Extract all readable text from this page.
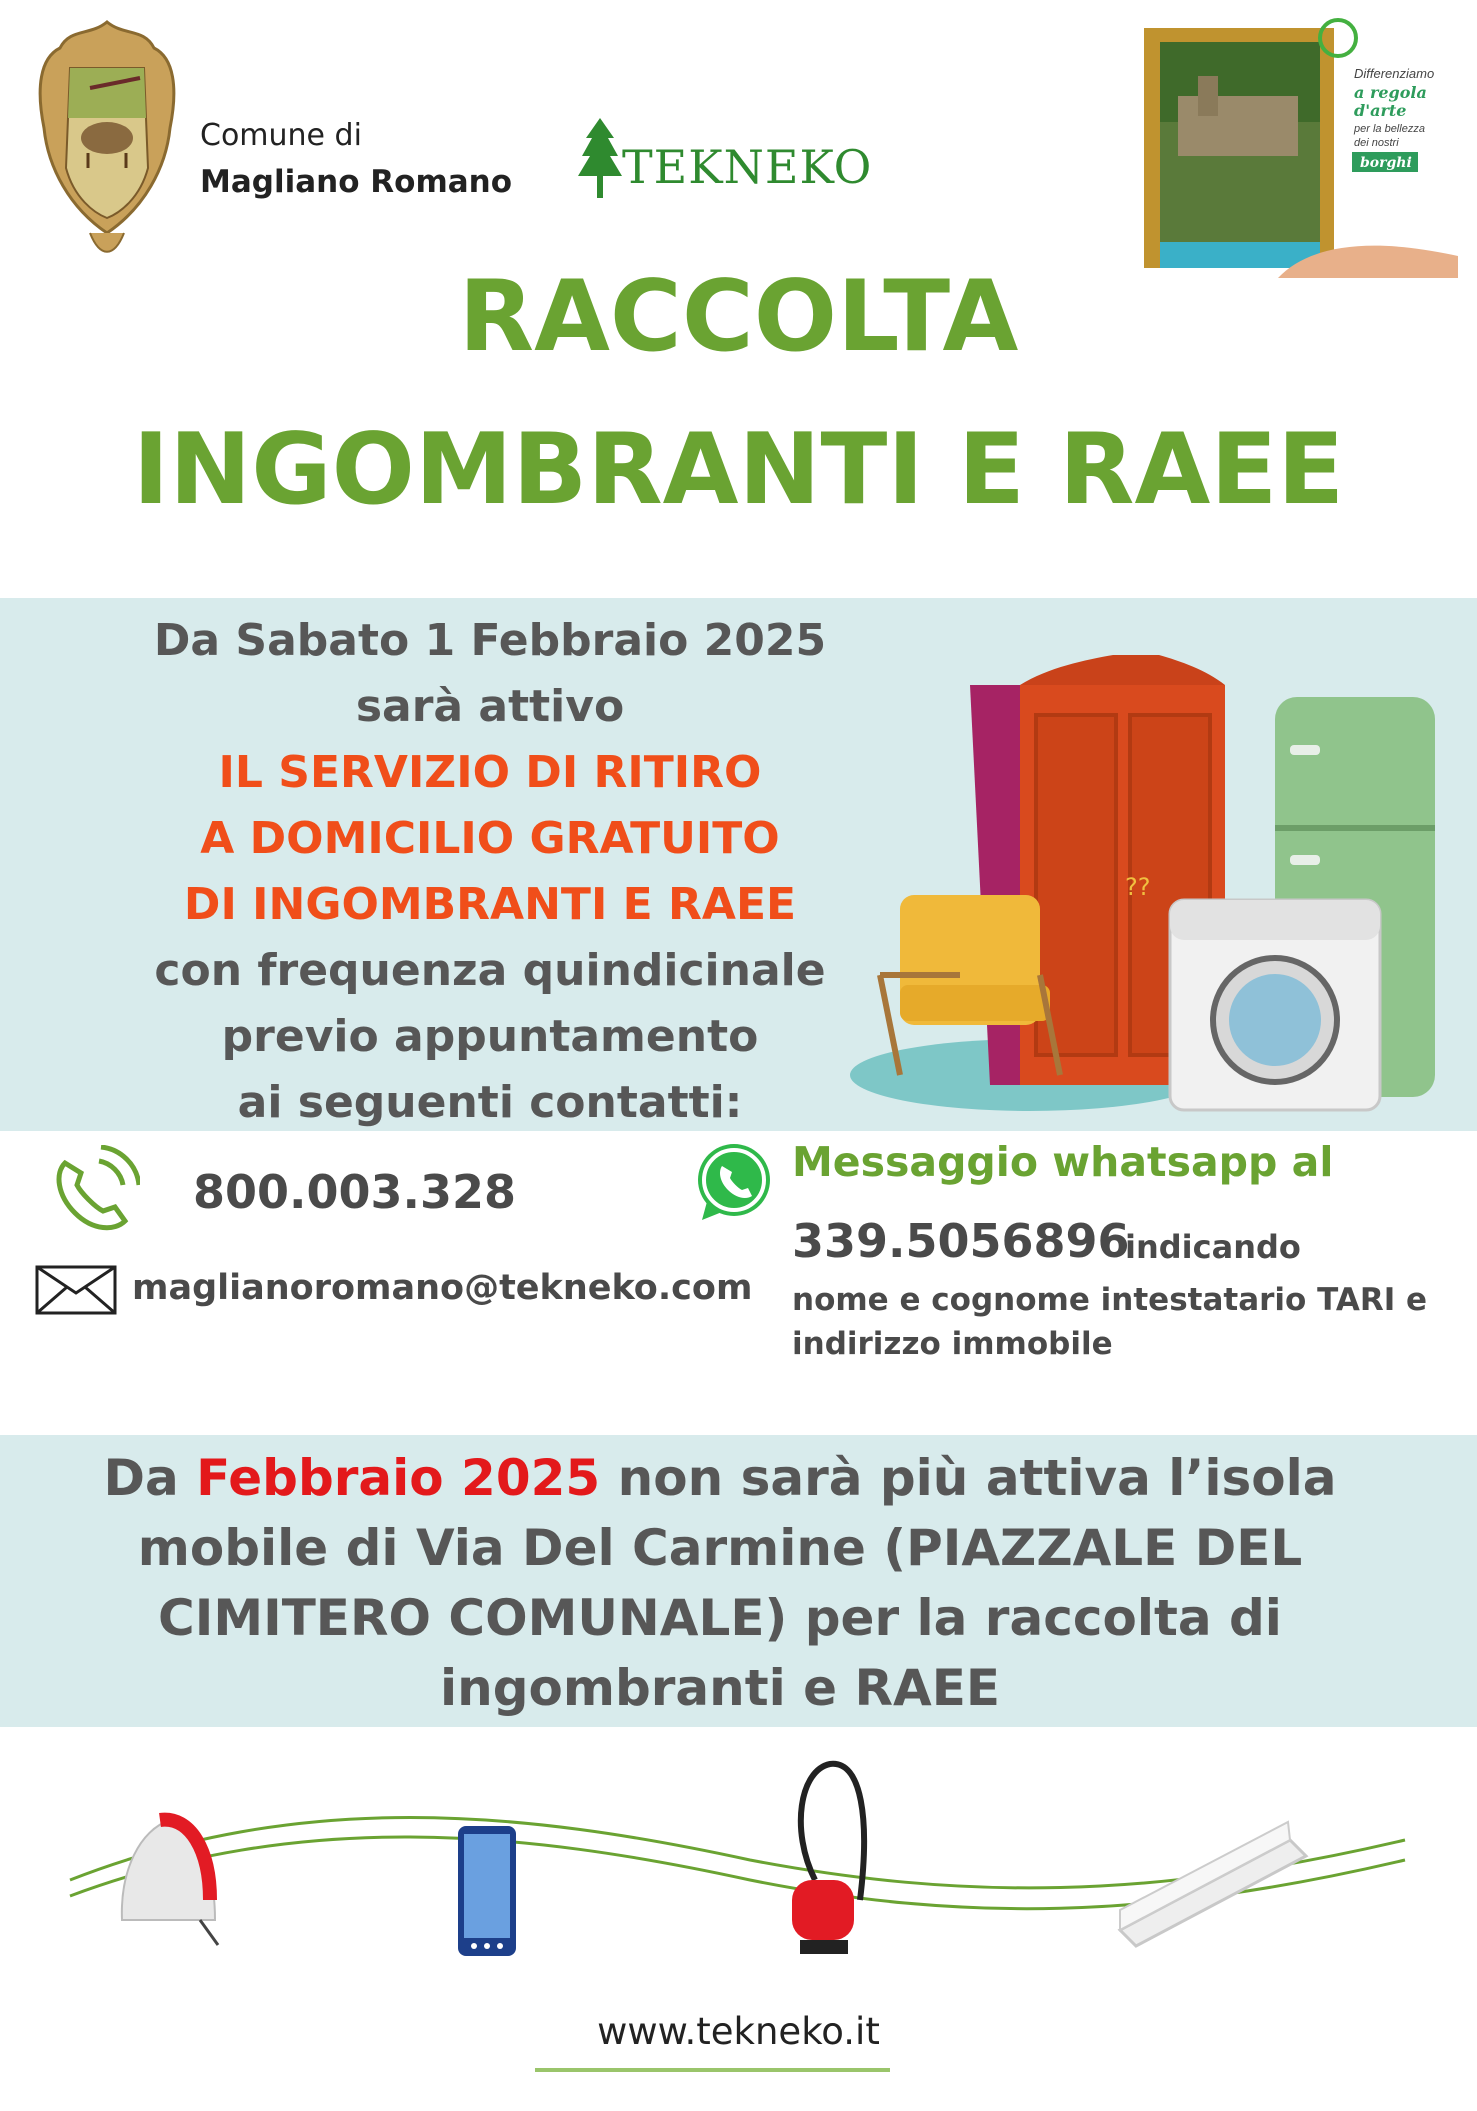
Comune di
Magliano Romano TEKNEKO
Differenziamo
a regola
d'arte
per la bellezza
dei nostri
borghi
RACCOLTA
INGOMBRANTI E RAEE
Da Sabato 1 Febbraio 2025
sarà attivo
IL SERVIZIO DI RITIRO
A DOMICILIO GRATUITO
DI INGOMBRANTI E RAEE
con frequenza quindicinale
previo appuntamento
ai seguenti contatti:
??
800.003.328
maglianoromano@tekneko.com
Messaggio whatsapp al
339.5056896
indicando
nome e cognome intestatario TARI e
indirizzo immobile
Da Febbraio 2025 non sarà più attiva l’isola
mobile di Via Del Carmine (PIAZZALE DEL
CIMITERO COMUNALE) per la raccolta di
ingombranti e RAEE
www.tekneko.it
